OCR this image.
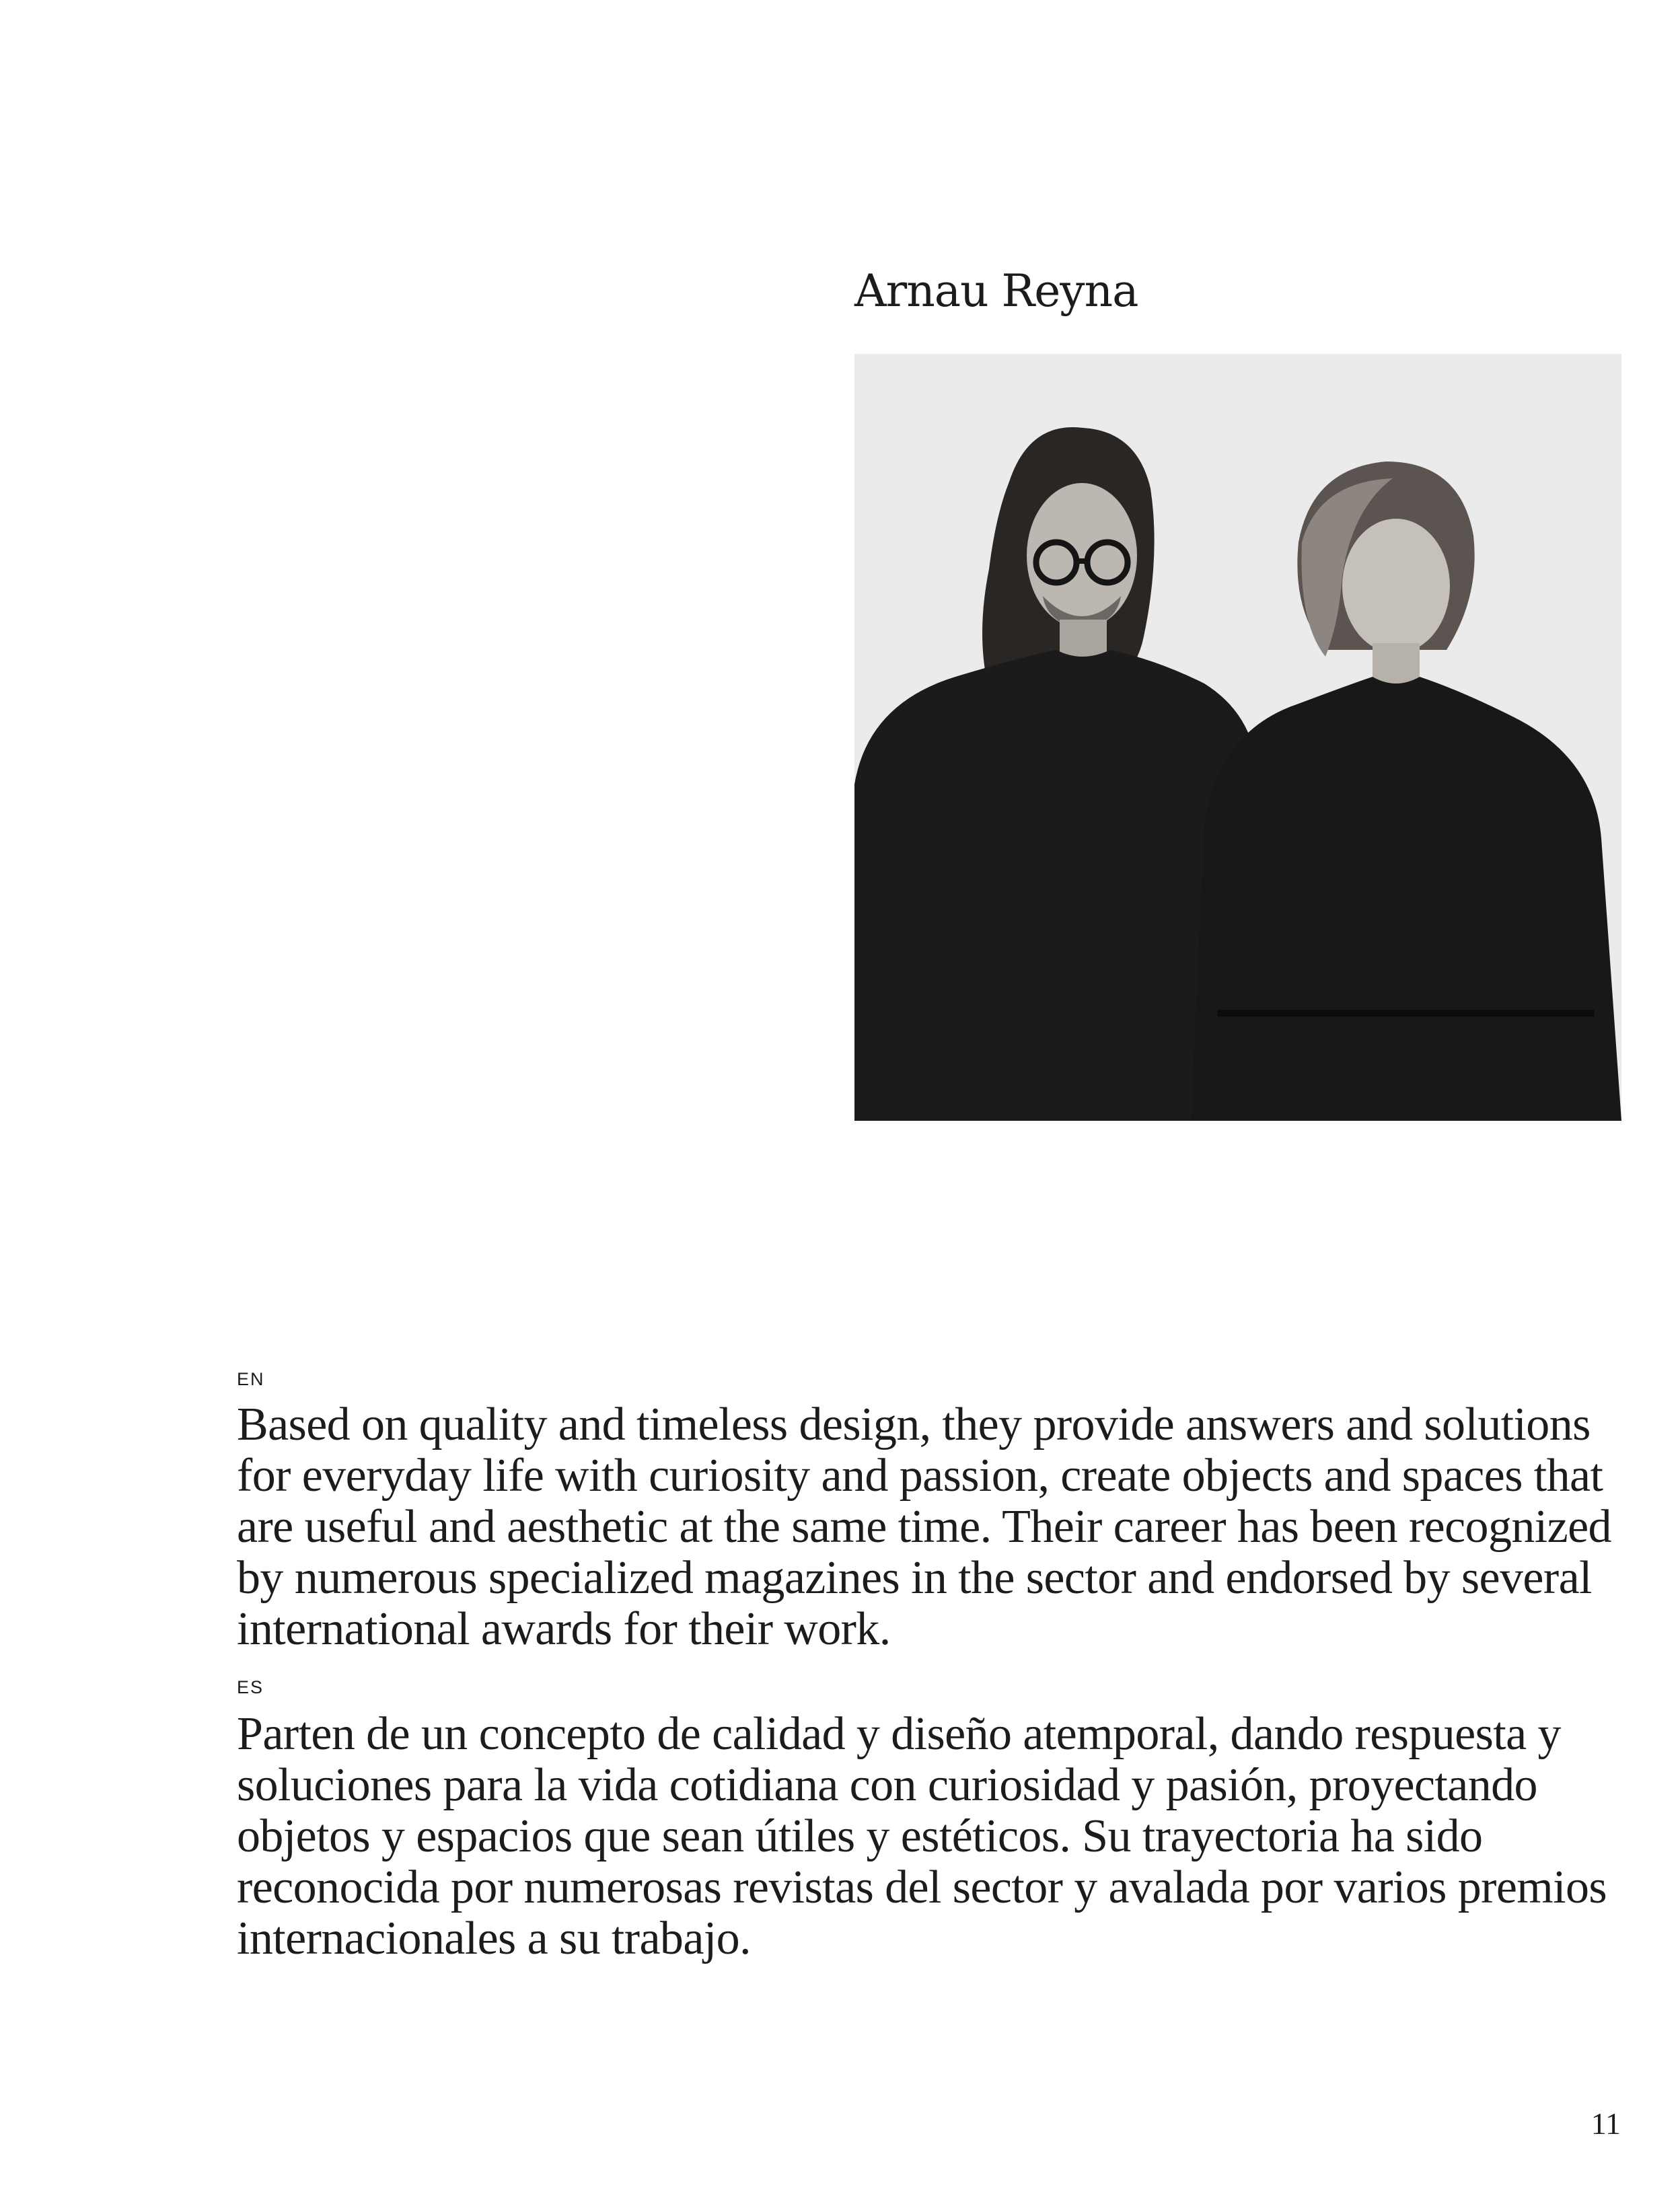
Arnau Reyna
EN

Based on quality and timeless design, they provide answers and solutions for everyday life with curiosity and passion, create objects and spaces that are useful and aesthetic at the same time. Their career has been recognized by numerous specialized magazines in the sector and endorsed by several international awards for their work.

ES

Parten de un concepto de calidad y diseño atemporal, dando respuesta y soluciones para la vida cotidiana con curiosidad y pasión, proyectando objetos y espacios que sean útiles y estéticos. Su trayectoria ha sido reconocida por numerosas revistas del sector y avalada por varios premios internacionales a su trabajo.

11
